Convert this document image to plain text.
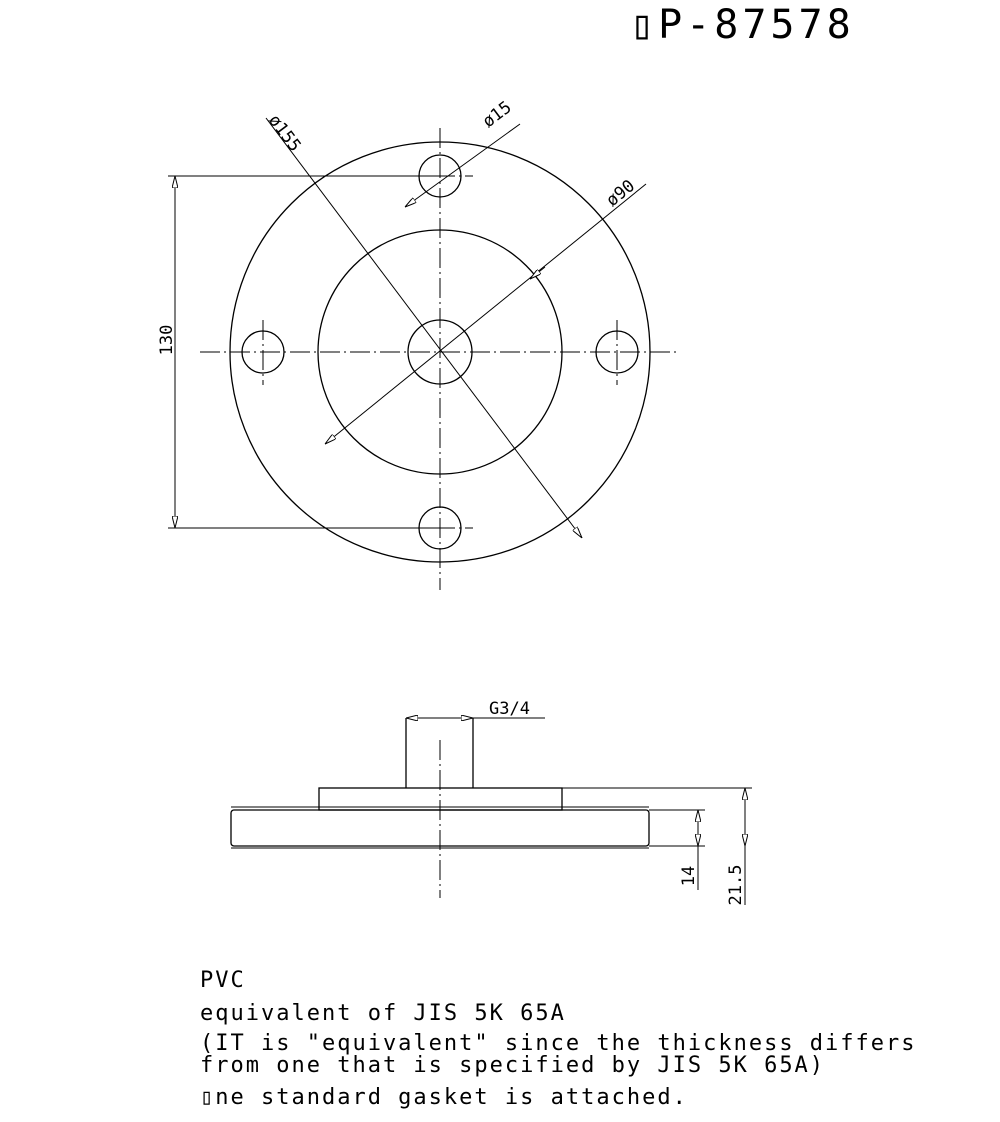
▯P-87578
130
ø155	ø15
ø90
G3/4
14 21.5
PVC
equivalent of JIS 5K 65A
(IT is "equivalent" since the thickness differs
from one that is specified by JIS 5K 65A)
▯ne standard gasket is attached.
